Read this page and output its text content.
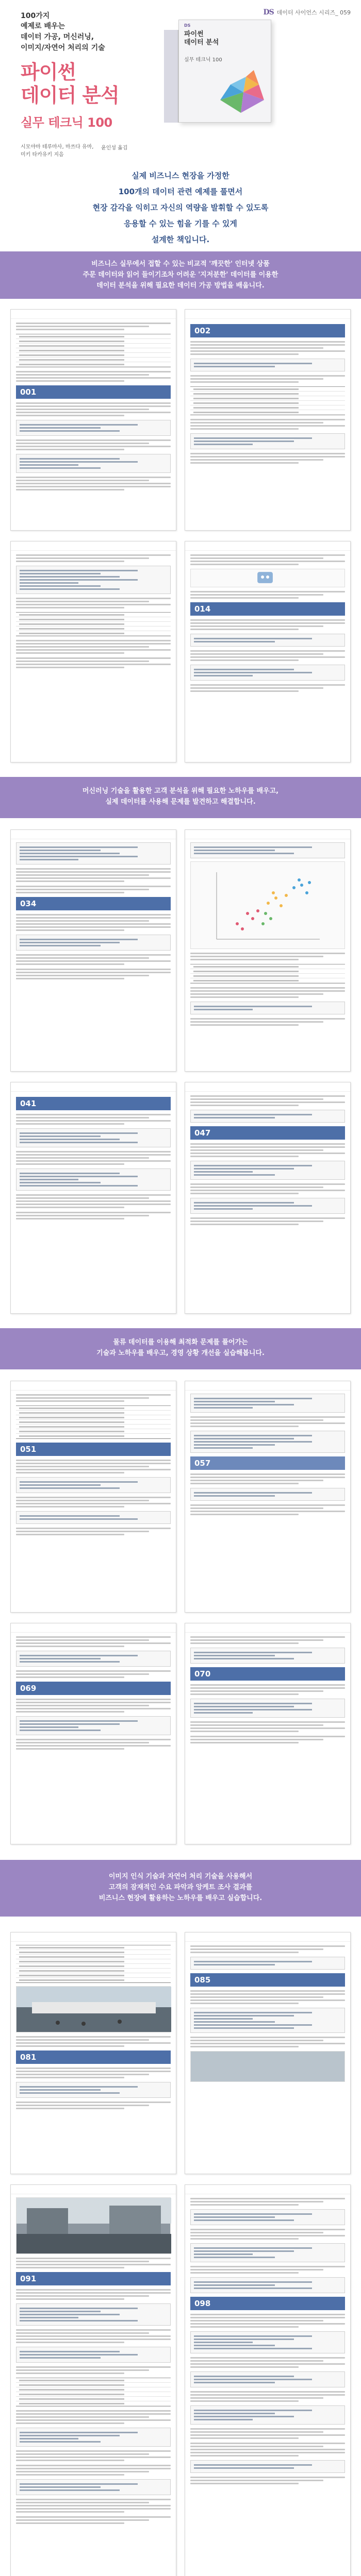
DS 데이터 사이언스 시리즈_ 059
100가지
예제로 배우는
데이터 가공, 머신러닝,
이미지/자연어 처리의 기술
파이썬
데이터 분석
실무 테크닉 100
시모야마 테루마사, 마쓰다 유마,
미키 타카유키 지음
윤인성 옮김
DS
파이썬
데이터 분석
실무 테크닉 100

실제 비즈니스 현장을 가정한

100개의 데이터 관련 예제를 풀면서

현장 감각을 익히고 자신의 역량을 발휘할 수 있도록

응용할 수 있는 힘을 기를 수 있게

설계한 책입니다.

비즈니스 실무에서 접할 수 있는 비교적 '깨끗한' 인터넷 상품

주문 데이터와 읽어 들이기조차 어려운 '지저분한' 데이터를 이용한

데이터 분석을 위해 필요한 데이터 가공 방법을 배웁니다.

001
002
014

머신러닝 기술을 활용한 고객 분석을 위해 필요한 노하우를 배우고,

실제 데이터를 사용해 문제를 발견하고 해결합니다.

034
041
047

물류 데이터를 이용해 최적화 문제를 풀어가는

기술과 노하우를 배우고, 경영 상황 개선을 실습해봅니다.

051
057
069
070

이미지 인식 기술과 자연어 처리 기술을 사용해서

고객의 잠재적인 수요 파악과 앙케트 조사 결과를

비즈니스 현장에 활용하는 노하우를 배우고 실습합니다.

081
085
091
098
